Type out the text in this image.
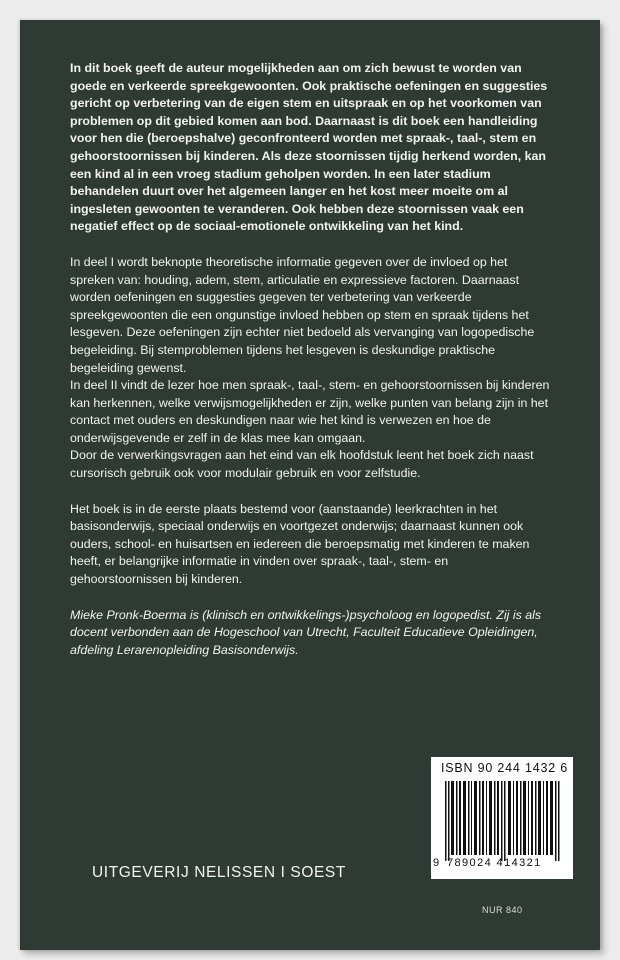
In dit boek geeft de auteur mogelijkheden aan om zich bewust te worden van goede en verkeerde spreekgewoonten. Ook praktische oefeningen en suggesties gericht op verbetering van de eigen stem en uitspraak en op het voorkomen van problemen op dit gebied komen aan bod. Daarnaast is dit boek een handleiding voor hen die (beroepshalve) geconfronteerd worden met spraak-, taal-, stem en gehoorstoornissen bij kinderen. Als deze stoornissen tijdig herkend worden, kan een kind al in een vroeg stadium geholpen worden. In een later stadium behandelen duurt over het algemeen langer en het kost meer moeite om al ingesleten gewoonten te veranderen. Ook hebben deze stoornissen vaak een negatief effect op de sociaal-emotionele ontwikkeling van het kind.

In deel I wordt beknopte theoretische informatie gegeven over de invloed op het spreken van: houding, adem, stem, articulatie en expressieve factoren. Daarnaast worden oefeningen en suggesties gegeven ter verbetering van verkeerde spreekgewoonten die een ongunstige invloed hebben op stem en spraak tijdens het lesgeven. Deze oefeningen zijn echter niet bedoeld als vervanging van logopedische begeleiding. Bij stemproblemen tijdens het lesgeven is deskundige praktische begeleiding gewenst.

In deel II vindt de lezer hoe men spraak-, taal-, stem- en gehoorstoornissen bij kinderen kan herkennen, welke verwijsmogelijkheden er zijn, welke punten van belang zijn in het contact met ouders en deskundigen naar wie het kind is verwezen en hoe de onderwijsgevende er zelf in de klas mee kan omgaan.

Door de verwerkingsvragen aan het eind van elk hoofdstuk leent het boek zich naast cursorisch gebruik ook voor modulair gebruik en voor zelfstudie.

Het boek is in de eerste plaats bestemd voor (aanstaande) leerkrachten in het basisonderwijs, speciaal onderwijs en voortgezet onderwijs; daarnaast kunnen ook ouders, school- en huisartsen en iedereen die beroepsmatig met kinderen te maken heeft, er belangrijke informatie in vinden over spraak-, taal-, stem- en gehoorstoornissen bij kinderen.

Mieke Pronk-Boerma is (klinisch en ontwikkelings-)psycholoog en logopedist. Zij is als docent verbonden aan de Hogeschool van Utrecht, Faculteit Educatieve Opleidingen, afdeling Lerarenopleiding Basisonderwijs.

ISBN 90 244 1432 6
9 789024 414321
UITGEVERIJ NELISSEN I SOEST
NUR 840
